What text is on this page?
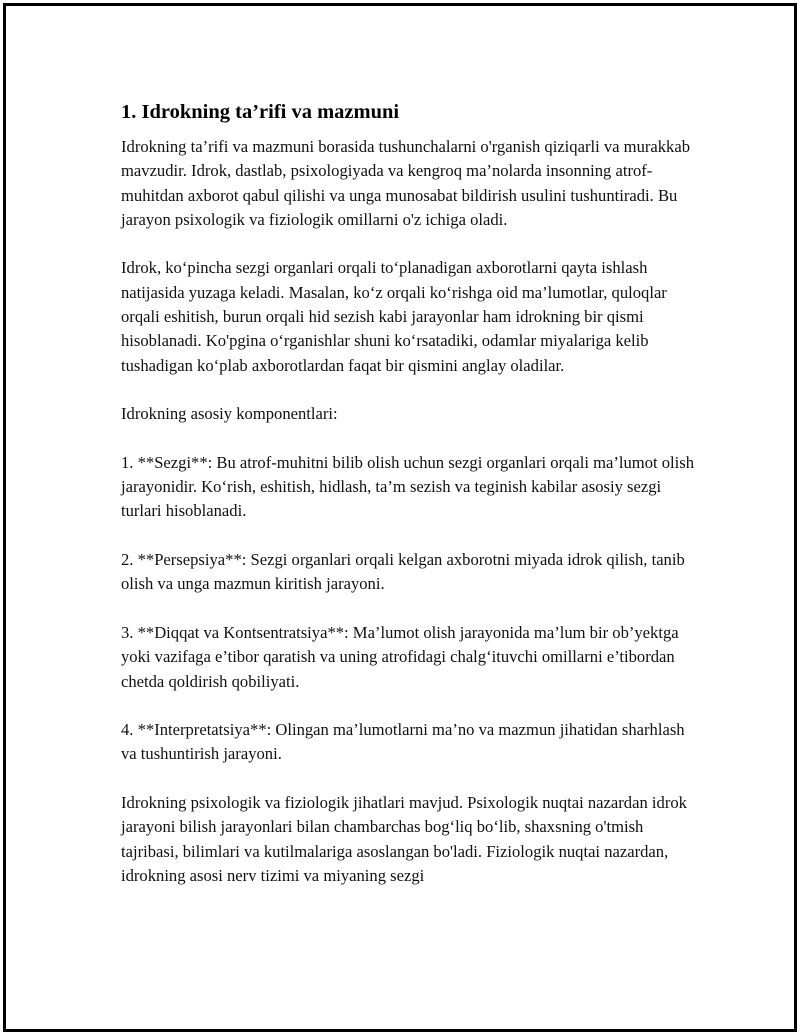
1. Idrokning ta’rifi va mazmuni

Idrokning ta’rifi va mazmuni borasida tushunchalarni o'rganish qiziqarli va murakkab mavzudir. Idrok, dastlab, psixologiyada va kengroq ma’nolarda insonning atrof-muhitdan axborot qabul qilishi va unga munosabat bildirish usulini tushuntiradi. Bu jarayon psixologik va fiziologik omillarni o'z ichiga oladi.

Idrok, ko‘pincha sezgi organlari orqali to‘planadigan axborotlarni qayta ishlash natijasida yuzaga keladi. Masalan, ko‘z orqali ko‘rishga oid ma’lumotlar, quloqlar orqali eshitish, burun orqali hid sezish kabi jarayonlar ham idrokning bir qismi hisoblanadi. Ko'pgina o‘rganishlar shuni ko‘rsatadiki, odamlar miyalariga kelib tushadigan ko‘plab axborotlardan faqat bir qismini anglay oladilar.

Idrokning asosiy komponentlari:

1. **Sezgi**: Bu atrof-muhitni bilib olish uchun sezgi organlari orqali ma’lumot olish jarayonidir. Ko‘rish, eshitish, hidlash, ta’m sezish va teginish kabilar asosiy sezgi turlari hisoblanadi.

2. **Persepsiya**: Sezgi organlari orqali kelgan axborotni miyada idrok qilish, tanib olish va unga mazmun kiritish jarayoni.

3. **Diqqat va Kontsentratsiya**: Ma’lumot olish jarayonida ma’lum bir ob’yektga yoki vazifaga e’tibor qaratish va uning atrofidagi chalg‘ituvchi omillarni e’tibordan chetda qoldirish qobiliyati.

4. **Interpretatsiya**: Olingan ma’lumotlarni ma’no va mazmun jihatidan sharhlash va tushuntirish jarayoni.

Idrokning psixologik va fiziologik jihatlari mavjud. Psixologik nuqtai nazardan idrok jarayoni bilish jarayonlari bilan chambarchas bog‘liq bo‘lib, shaxsning o'tmish tajribasi, bilimlari va kutilmalariga asoslangan bo'ladi. Fiziologik nuqtai nazardan, idrokning asosi nerv tizimi va miyaning sezgi
